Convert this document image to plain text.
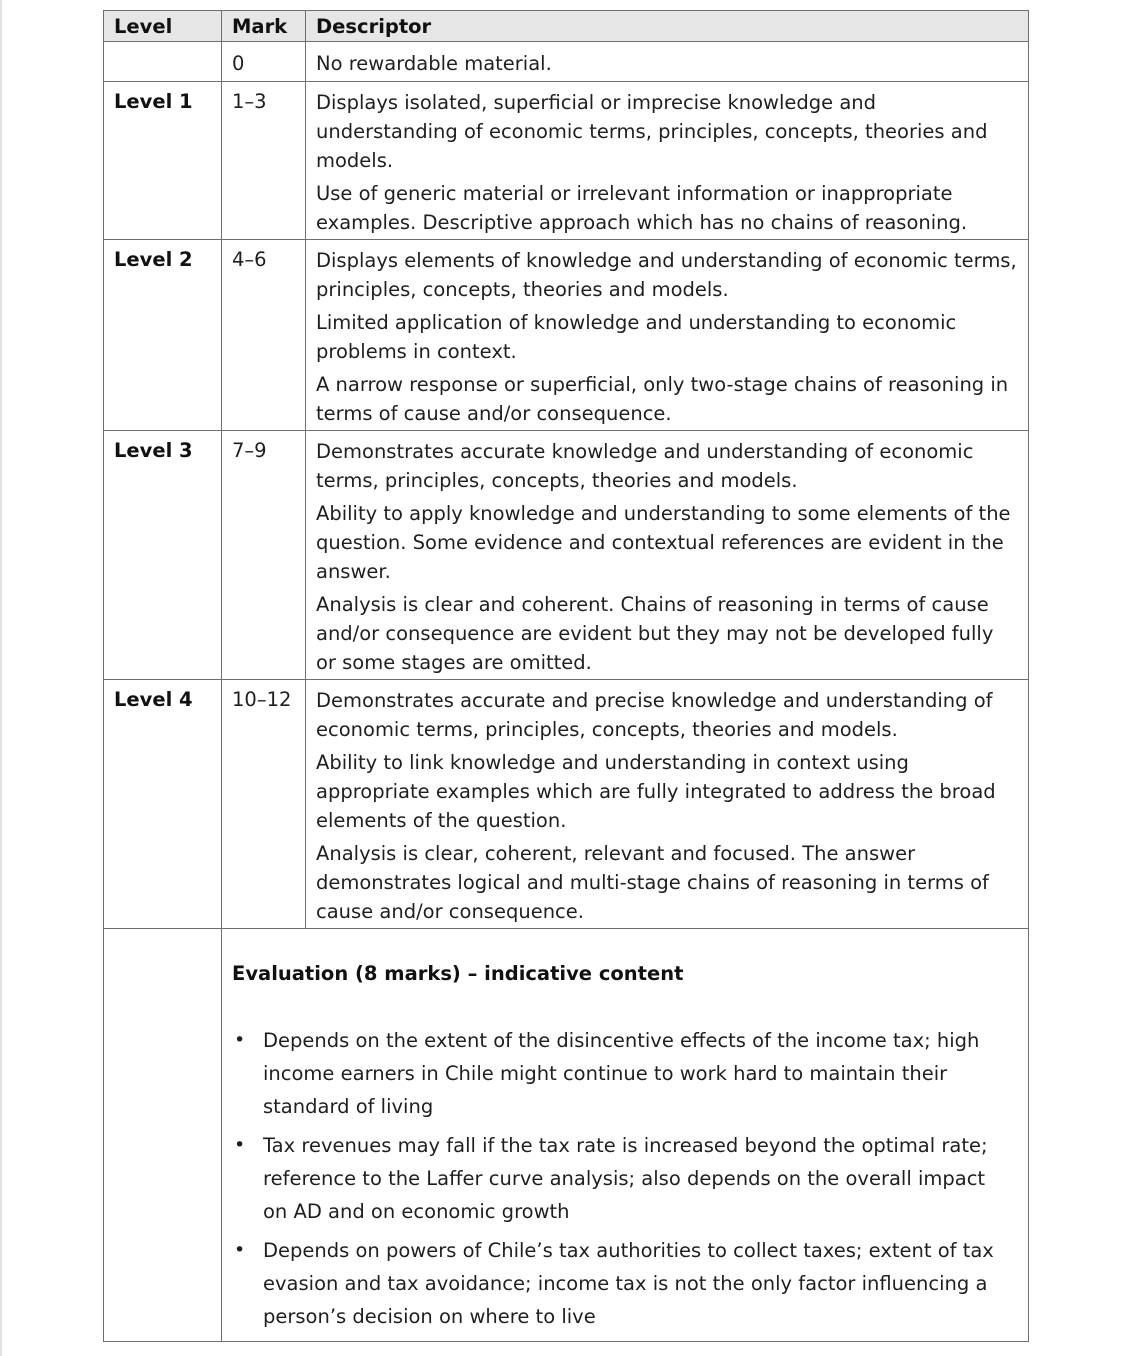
Level	Mark	Descriptor
	0	No rewardable material.
Level 1	1–3	Displays isolated, superficial or imprecise knowledge and understanding of economic terms, principles, concepts, theories and models.

Use of generic material or irrelevant information or inappropriate examples. Descriptive approach which has no chains of reasoning.

Level 2	4–6	Displays elements of knowledge and understanding of economic terms, principles, concepts, theories and models.

Limited application of knowledge and understanding to economic problems in context.

A narrow response or superficial, only two-stage chains of reasoning in terms of cause and/or consequence.

Level 3	7–9	Demonstrates accurate knowledge and understanding of economic terms, principles, concepts, theories and models.

Ability to apply knowledge and understanding to some elements of the question. Some evidence and contextual references are evident in the answer.

Analysis is clear and coherent. Chains of reasoning in terms of cause and/or consequence are evident but they may not be developed fully or some stages are omitted.

Level 4	10–12	Demonstrates accurate and precise knowledge and understanding of economic terms, principles, concepts, theories and models.

Ability to link knowledge and understanding in context using appropriate examples which are fully integrated to address the broad elements of the question.

Analysis is clear, coherent, relevant and focused. The answer demonstrates logical and multi-stage chains of reasoning in terms of cause and/or consequence.

Evaluation (8 marks) – indicative content
• Depends on the extent of the disincentive effects of the income tax; high income earners in Chile might continue to work hard to maintain their standard of living
• Tax revenues may fall if the tax rate is increased beyond the optimal rate; reference to the Laffer curve analysis; also depends on the overall impact on AD and on economic growth
• Depends on powers of Chile’s tax authorities to collect taxes; extent of tax evasion and tax avoidance; income tax is not the only factor influencing a person’s decision on where to live
